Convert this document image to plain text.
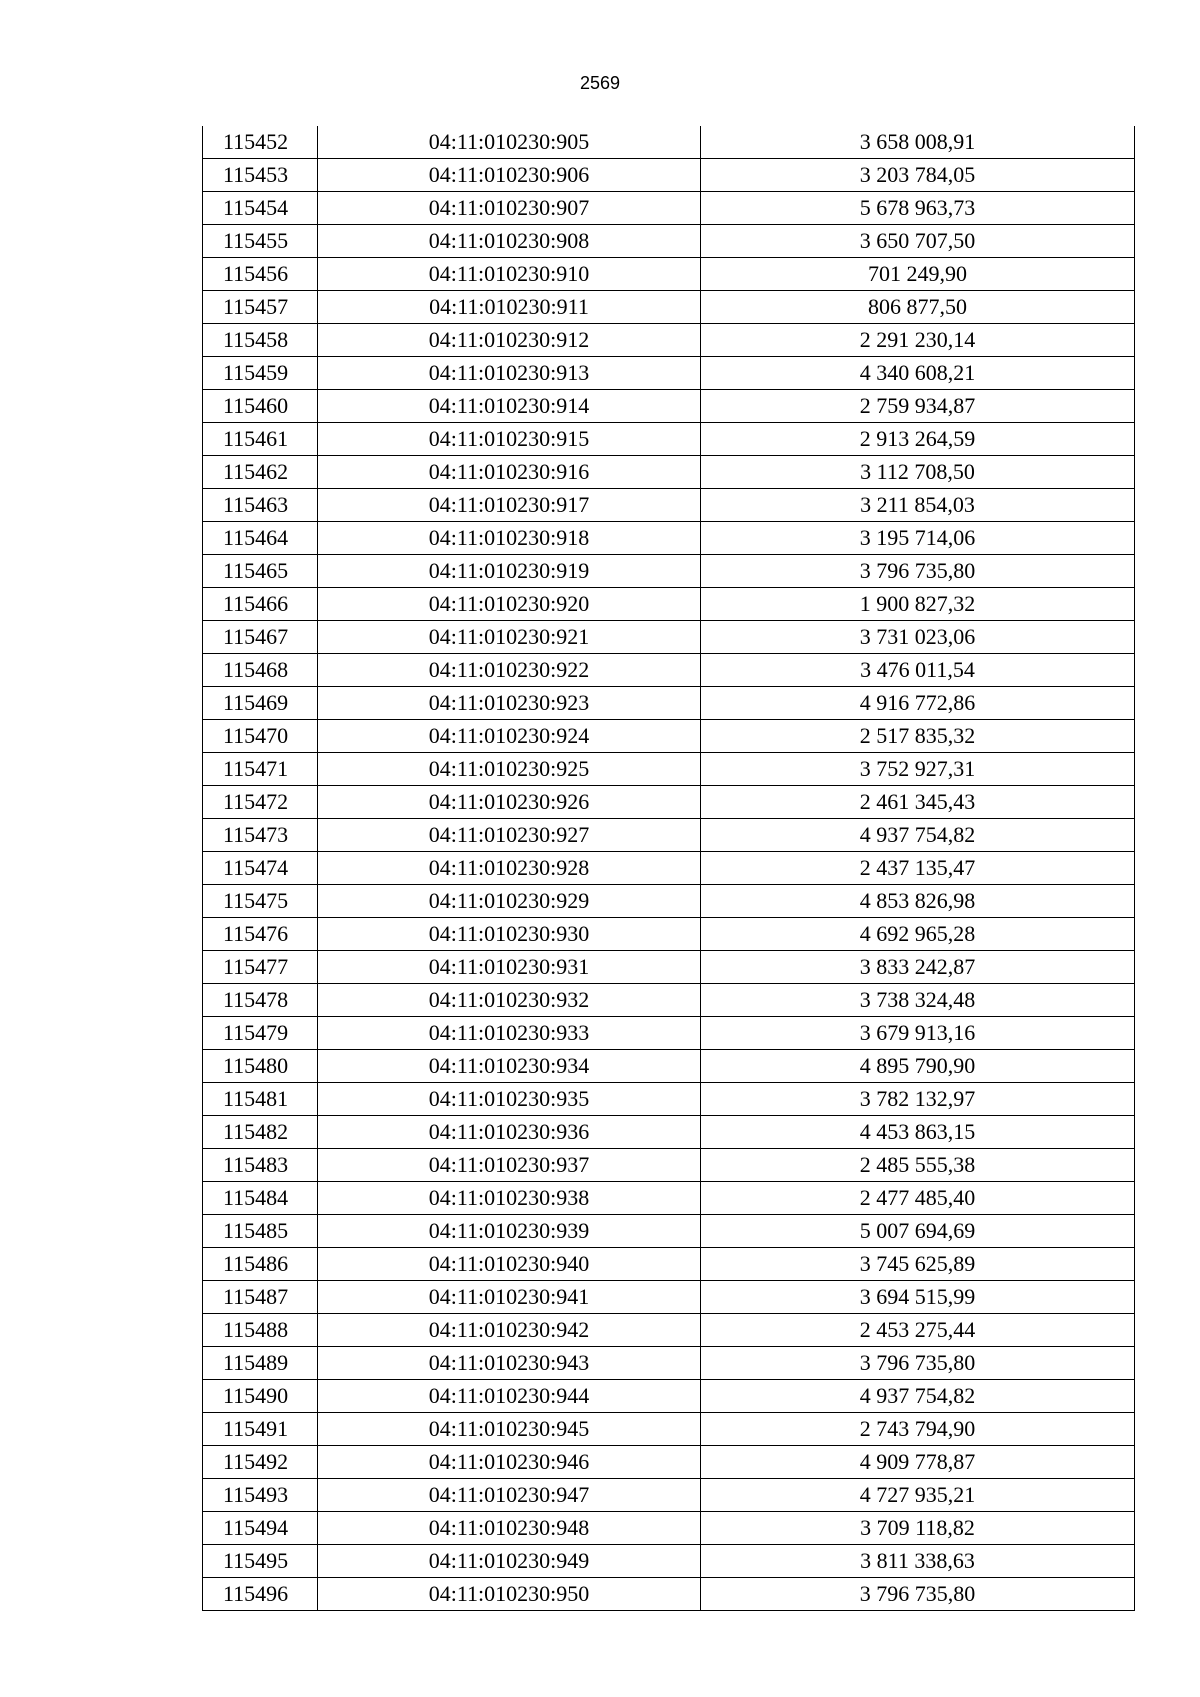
2569
115452	04:11:010230:905	3 658 008,91
115453	04:11:010230:906	3 203 784,05
115454	04:11:010230:907	5 678 963,73
115455	04:11:010230:908	3 650 707,50
115456	04:11:010230:910	701 249,90
115457	04:11:010230:911	806 877,50
115458	04:11:010230:912	2 291 230,14
115459	04:11:010230:913	4 340 608,21
115460	04:11:010230:914	2 759 934,87
115461	04:11:010230:915	2 913 264,59
115462	04:11:010230:916	3 112 708,50
115463	04:11:010230:917	3 211 854,03
115464	04:11:010230:918	3 195 714,06
115465	04:11:010230:919	3 796 735,80
115466	04:11:010230:920	1 900 827,32
115467	04:11:010230:921	3 731 023,06
115468	04:11:010230:922	3 476 011,54
115469	04:11:010230:923	4 916 772,86
115470	04:11:010230:924	2 517 835,32
115471	04:11:010230:925	3 752 927,31
115472	04:11:010230:926	2 461 345,43
115473	04:11:010230:927	4 937 754,82
115474	04:11:010230:928	2 437 135,47
115475	04:11:010230:929	4 853 826,98
115476	04:11:010230:930	4 692 965,28
115477	04:11:010230:931	3 833 242,87
115478	04:11:010230:932	3 738 324,48
115479	04:11:010230:933	3 679 913,16
115480	04:11:010230:934	4 895 790,90
115481	04:11:010230:935	3 782 132,97
115482	04:11:010230:936	4 453 863,15
115483	04:11:010230:937	2 485 555,38
115484	04:11:010230:938	2 477 485,40
115485	04:11:010230:939	5 007 694,69
115486	04:11:010230:940	3 745 625,89
115487	04:11:010230:941	3 694 515,99
115488	04:11:010230:942	2 453 275,44
115489	04:11:010230:943	3 796 735,80
115490	04:11:010230:944	4 937 754,82
115491	04:11:010230:945	2 743 794,90
115492	04:11:010230:946	4 909 778,87
115493	04:11:010230:947	4 727 935,21
115494	04:11:010230:948	3 709 118,82
115495	04:11:010230:949	3 811 338,63
115496	04:11:010230:950	3 796 735,80
